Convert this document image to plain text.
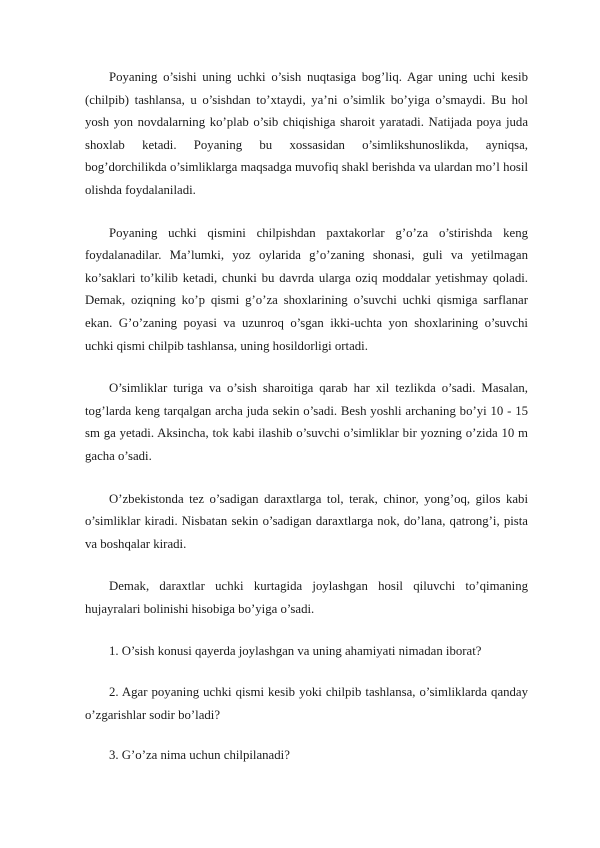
Poyaning o’sishi uning uchki o’sish nuqtasiga bog’liq. Agar uning uchi kesib (chilpib) tashlansa, u o’sishdan to’xtaydi, ya’ni o’simlik bo’yiga o’smaydi. Bu hol yosh yon novdalarning ko’plab o’sib chiqishiga sharoit yaratadi. Natijada poya juda shoxlab ketadi. Poyaning bu xossasidan o’simlikshunoslikda, ayniqsa, bog’dorchilikda o’simliklarga maqsadga muvofiq shakl berishda va ulardan mo’l hosil olishda foydalaniladi.

Poyaning uchki qismini chilpishdan paxtakorlar g’o’za o’stirishda keng foydalanadilar. Ma’lumki, yoz oylarida g’o’zaning shonasi, guli va yetilmagan ko’saklari to’kilib ketadi, chunki bu davrda ularga oziq moddalar yetishmay qoladi. Demak, oziqning ko’p qismi g’o’za shoxlarining o’suvchi uchki qismiga sarflanar ekan. G’o’zaning poyasi va uzunroq o’sgan ikki-uchta yon shoxlarining o’suvchi uchki qismi chilpib tashlansa, uning hosildorligi ortadi.

O’simliklar turiga va o’sish sharoitiga qarab har xil tezlikda o’sadi. Masalan, tog’larda keng tarqalgan archa juda sekin o’sadi. Besh yoshli archaning bo’yi 10 - 15 sm ga yetadi. Aksincha, tok kabi ilashib o’suvchi o’simliklar bir yozning o’zida 10 m gacha o’sadi.

O’zbekistonda tez o’sadigan daraxtlarga tol, terak, chinor, yong’oq, gilos kabi o’simliklar kiradi. Nisbatan sekin o’sadigan daraxtlarga nok, do’lana, qatrong’i, pista va boshqalar kiradi.

Demak, daraxtlar uchki kurtagida joylashgan hosil qiluvchi to’qimaning hujayralari bolinishi hisobiga bo’yiga o’sadi.

1. O’sish konusi qayerda joylashgan va uning ahamiyati nimadan iborat?

2. Agar poyaning uchki qismi kesib yoki chilpib tashlansa, o’simliklarda qanday o’zgarishlar sodir bo’ladi?

3. G’o’za nima uchun chilpilanadi?
